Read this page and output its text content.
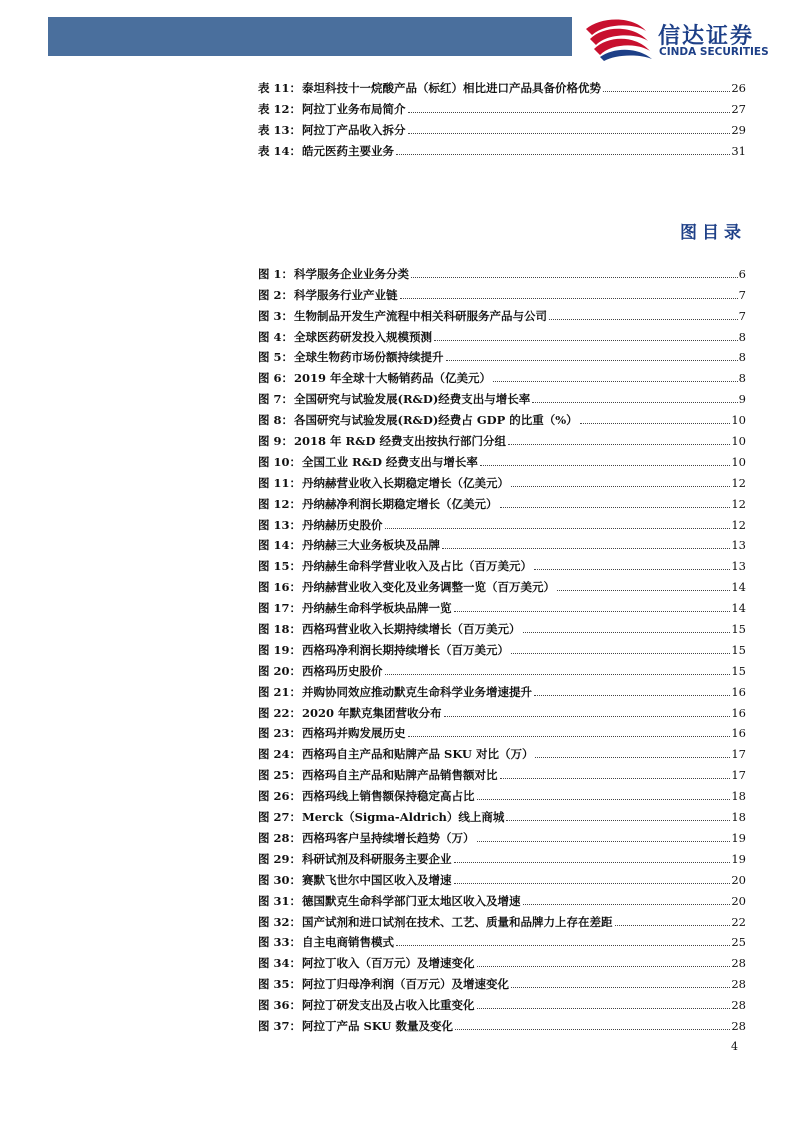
信达证券
CINDA SECURITIES
表 11： 泰坦科技十一烷酸产品（标红）相比进口产品具备价格优势	26
表 12： 阿拉丁业务布局简介	27
表 13： 阿拉丁产品收入拆分	29
表 14： 皓元医药主要业务	31
图目录
图 1： 科学服务企业业务分类	6
图 2： 科学服务行业产业链	7
图 3： 生物制品开发生产流程中相关科研服务产品与公司	7
图 4： 全球医药研发投入规模预测	8
图 5： 全球生物药市场份额持续提升	8
图 6： 2019 年全球十大畅销药品（亿美元）	8
图 7： 全国研究与试验发展(R&D)经费支出与增长率	9
图 8： 各国研究与试验发展(R&D)经费占 GDP 的比重（%）	10
图 9： 2018 年 R&D 经费支出按执行部门分组	10
图 10： 全国工业 R&D 经费支出与增长率	10
图 11： 丹纳赫营业收入长期稳定增长（亿美元）	12
图 12： 丹纳赫净利润长期稳定增长（亿美元）	12
图 13： 丹纳赫历史股价	12
图 14： 丹纳赫三大业务板块及品牌	13
图 15： 丹纳赫生命科学营业收入及占比（百万美元）	13
图 16： 丹纳赫营业收入变化及业务调整一览（百万美元）	14
图 17： 丹纳赫生命科学板块品牌一览	14
图 18： 西格玛营业收入长期持续增长（百万美元）	15
图 19： 西格玛净利润长期持续增长（百万美元）	15
图 20： 西格玛历史股价	15
图 21： 并购协同效应推动默克生命科学业务增速提升	16
图 22： 2020 年默克集团营收分布	16
图 23： 西格玛并购发展历史	16
图 24： 西格玛自主产品和贴牌产品 SKU 对比（万）	17
图 25： 西格玛自主产品和贴牌产品销售额对比	17
图 26： 西格玛线上销售额保持稳定高占比	18
图 27： Merck（Sigma-Aldrich）线上商城	18
图 28： 西格玛客户呈持续增长趋势（万）	19
图 29： 科研试剂及科研服务主要企业	19
图 30： 赛默飞世尔中国区收入及增速	20
图 31： 德国默克生命科学部门亚太地区收入及增速	20
图 32： 国产试剂和进口试剂在技术、工艺、质量和品牌力上存在差距	22
图 33： 自主电商销售模式	25
图 34： 阿拉丁收入（百万元）及增速变化	28
图 35： 阿拉丁归母净利润（百万元）及增速变化	28
图 36： 阿拉丁研发支出及占收入比重变化	28
图 37： 阿拉丁产品 SKU 数量及变化	28
4
